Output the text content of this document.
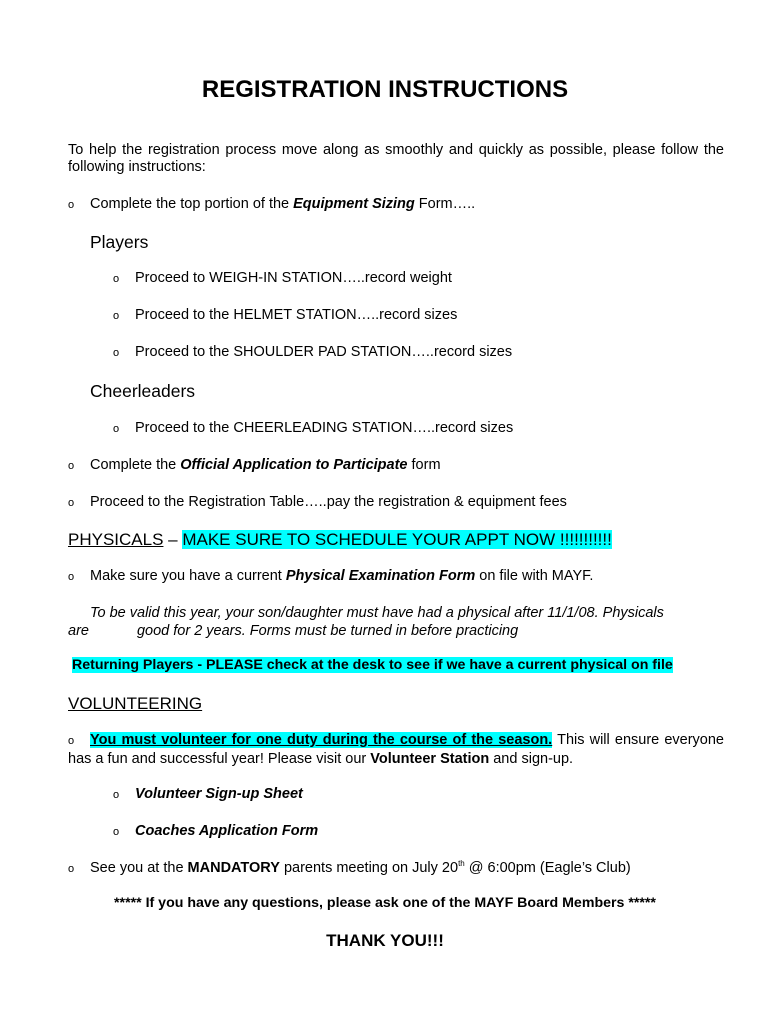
REGISTRATION INSTRUCTIONS

To help the registration process move along as smoothly and quickly as possible, please follow the following instructions:

o Complete the top portion of the Equipment Sizing Form…..

Players

o Proceed to WEIGH-IN STATION…..record weight

o Proceed to the HELMET STATION…..record sizes

o Proceed to the SHOULDER PAD STATION…..record sizes

Cheerleaders

o Proceed to the CHEERLEADING STATION…..record sizes

o Complete the Official Application to Participate form

o Proceed to the Registration Table…..pay the registration & equipment fees

PHYSICALS – MAKE SURE TO SCHEDULE YOUR APPT NOW !!!!!!!!!!!

o Make sure you have a current Physical Examination Form on file with MAYF.

To be valid this year, your son/daughter must have had a physical after 11/1/08. Physicals

are	good for 2 years. Forms must be turned in before practicing

Returning Players - PLEASE check at the desk to see if we have a current physical on file

VOLUNTEERING

o You must volunteer for one duty during the course of the season. This will ensure everyone has a fun and successful year! Please visit our Volunteer Station and sign-up.

o Volunteer Sign-up Sheet

o Coaches Application Form

o See you at the MANDATORY parents meeting on July 20th @ 6:00pm (Eagle’s Club)

***** If you have any questions, please ask one of the MAYF Board Members *****

THANK YOU!!!
